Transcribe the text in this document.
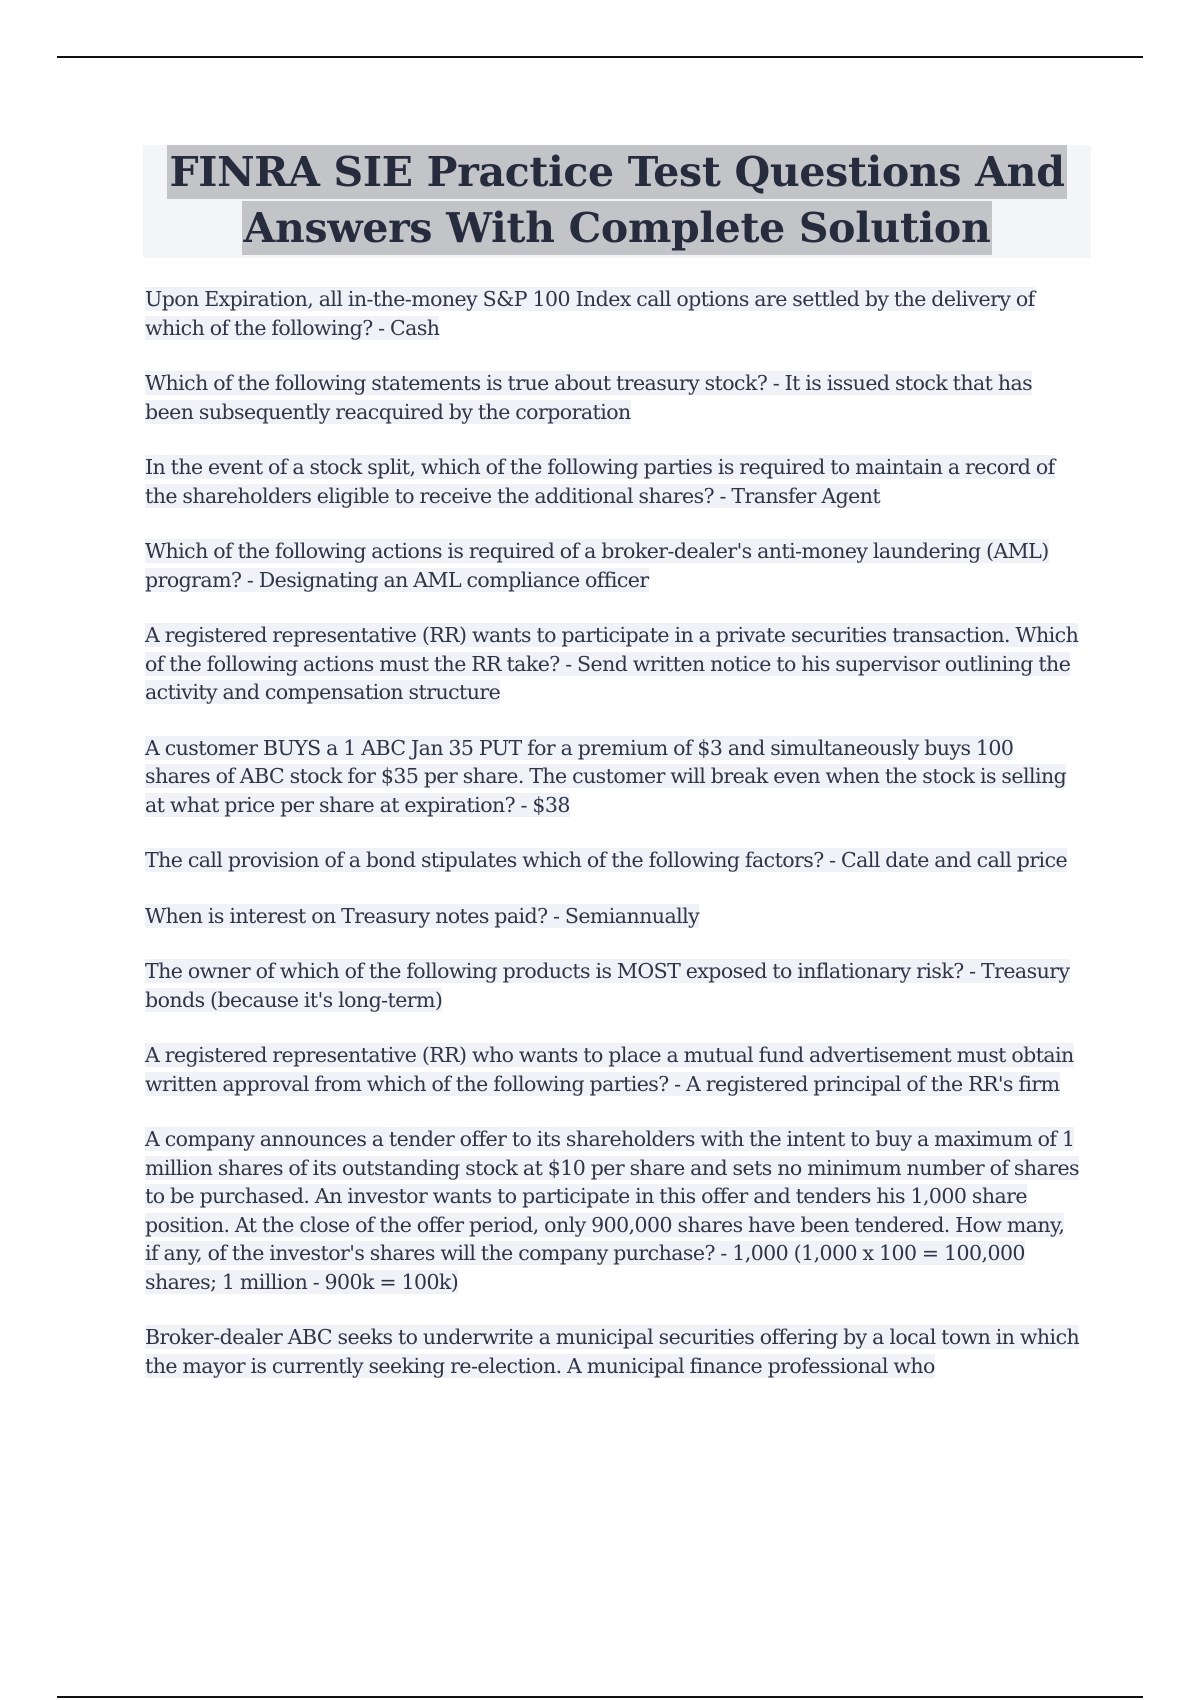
FINRA SIE Practice Test Questions And
Answers With Complete Solution

Upon Expiration, all in-the-money S&P 100 Index call options are settled by the delivery of which of the following? - Cash

Which of the following statements is true about treasury stock? - It is issued stock that has been subsequently reacquired by the corporation

In the event of a stock split, which of the following parties is required to maintain a record of the shareholders eligible to receive the additional shares? - Transfer Agent

Which of the following actions is required of a broker-dealer's anti-money laundering (AML) program? - Designating an AML compliance officer

A registered representative (RR) wants to participate in a private securities transaction. Which of the following actions must the RR take? - Send written notice to his supervisor outlining the activity and compensation structure

A customer BUYS a 1 ABC Jan 35 PUT for a premium of $3 and simultaneously buys 100 shares of ABC stock for $35 per share. The customer will break even when the stock is selling at what price per share at expiration? - $38

The call provision of a bond stipulates which of the following factors? - Call date and call price

When is interest on Treasury notes paid? - Semiannually

The owner of which of the following products is MOST exposed to inflationary risk? - Treasury bonds (because it's long-term)

A registered representative (RR) who wants to place a mutual fund advertisement must obtain written approval from which of the following parties? - A registered principal of the RR's firm

A company announces a tender offer to its shareholders with the intent to buy a maximum of 1 million shares of its outstanding stock at $10 per share and sets no minimum number of shares to be purchased. An investor wants to participate in this offer and tenders his 1,000 share position. At the close of the offer period, only 900,000 shares have been tendered. How many, if any, of the investor's shares will the company purchase? - 1,000 (1,000 x 100 = 100,000 shares; 1 million - 900k = 100k)

Broker-dealer ABC seeks to underwrite a municipal securities offering by a local town in which the mayor is currently seeking re-election. A municipal finance professional who
